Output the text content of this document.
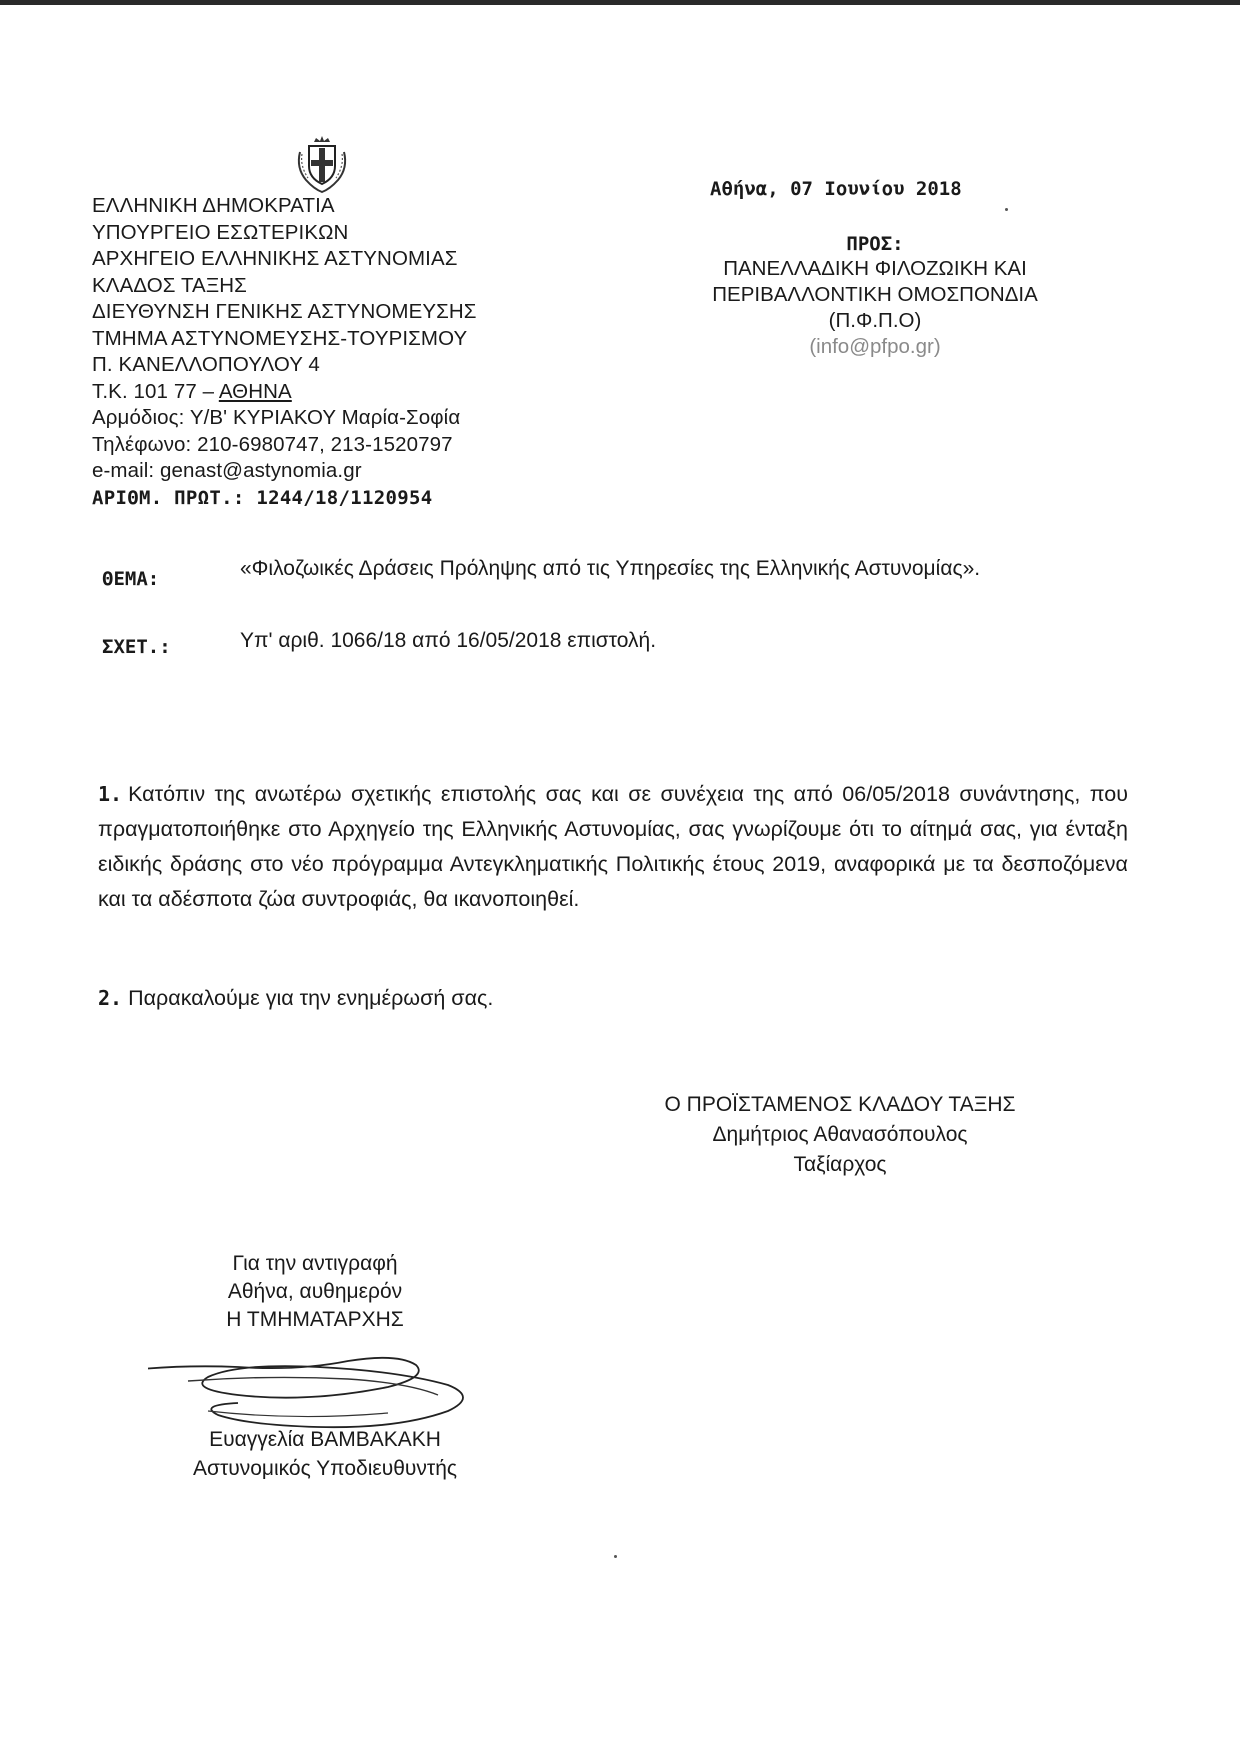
ΕΛΛΗΝΙΚΗ ΔΗΜΟΚΡΑΤΙΑ
ΥΠΟΥΡΓΕΙΟ ΕΣΩΤΕΡΙΚΩΝ
ΑΡΧΗΓΕΙΟ ΕΛΛΗΝΙΚΗΣ ΑΣΤΥΝΟΜΙΑΣ
ΚΛΑΔΟΣ ΤΑΞΗΣ
ΔΙΕΥΘΥΝΣΗ ΓΕΝΙΚΗΣ ΑΣΤΥΝΟΜΕΥΣΗΣ
ΤΜΗΜΑ ΑΣΤΥΝΟΜΕΥΣΗΣ-ΤΟΥΡΙΣΜΟΥ
Π. ΚΑΝΕΛΛΟΠΟΥΛΟΥ 4
Τ.Κ. 101 77 – ΑΘΗΝΑ
Αρμόδιος: Υ/Β' ΚΥΡΙΑΚΟΥ Μαρία-Σοφία
Τηλέφωνο: 210-6980747, 213-1520797
e-mail: genast@astynomia.gr
ΑΡΙΘΜ. ΠΡΩΤ.: 1244/18/1120954
Αθήνα, 07 Ιουνίου 2018
ΠΡΟΣ:
ΠΑΝΕΛΛΑΔΙΚΗ ΦΙΛΟΖΩΙΚΗ ΚΑΙ
ΠΕΡΙΒΑΛΛΟΝΤΙΚΗ ΟΜΟΣΠΟΝΔΙΑ
(Π.Φ.Π.Ο)
(info@pfpo.gr)
ΘΕΜΑ:	«Φιλοζωικές Δράσεις Πρόληψης από τις Υπηρεσίες της Ελληνικής Αστυνομίας».
ΣΧΕΤ.:	Υπ' αριθ. 1066/18 από 16/05/2018 επιστολή.
1. Κατόπιν της ανωτέρω σχετικής επιστολής σας και σε συνέχεια της από 06/05/2018 συνάντησης, που πραγματοποιήθηκε στο Αρχηγείο της Ελληνικής Αστυνομίας, σας γνωρίζουμε ότι το αίτημά σας, για ένταξη ειδικής δράσης στο νέο πρόγραμμα Αντεγκληματικής Πολιτικής έτους 2019, αναφορικά με τα δεσποζόμενα και τα αδέσποτα ζώα συντροφιάς, θα ικανοποιηθεί.
2. Παρακαλούμε για την ενημέρωσή σας.
Ο ΠΡΟΪΣΤΑΜΕΝΟΣ ΚΛΑΔΟΥ ΤΑΞΗΣ
Δημήτριος Αθανασόπουλος
Ταξίαρχος
Για την αντιγραφή
Αθήνα, αυθημερόν
Η ΤΜΗΜΑΤΑΡΧΗΣ
Ευαγγελία ΒΑΜΒΑΚΑΚΗ
Αστυνομικός Υποδιευθυντής
